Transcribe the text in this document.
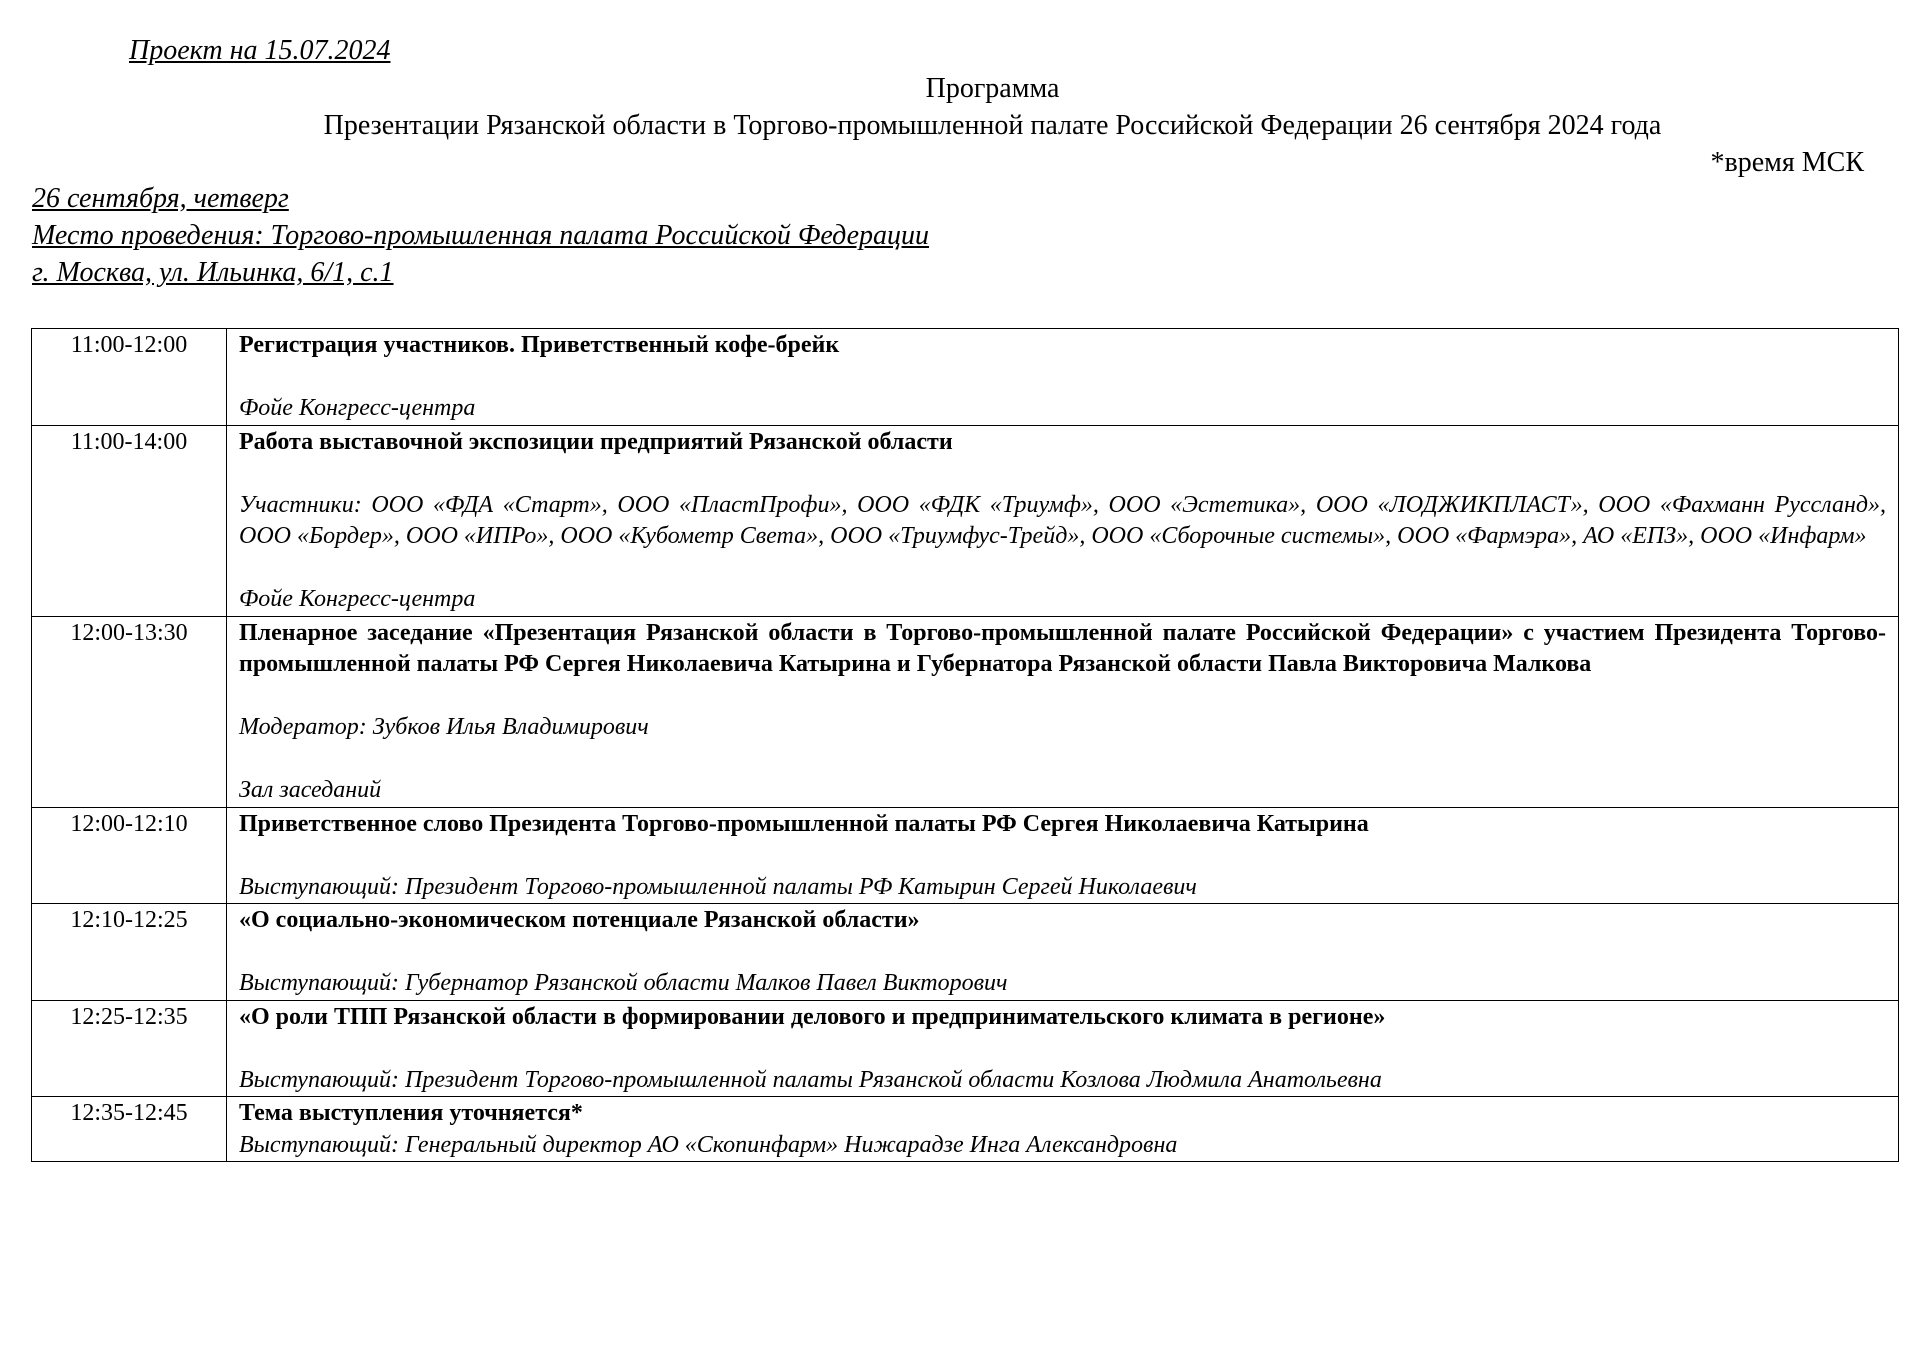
Проект на 15.07.2024

Программа

Презентации Рязанской области в Торгово-промышленной палате Российской Федерации 26 сентября 2024 года

*время МСК

26 сентября, четверг
Место проведения: Торгово-промышленная палата Российской Федерации
г. Москва, ул. Ильинка, 6/1, с.1
11:00-12:00	Регистрация участников. Приветственный кофе-брейк
Фойе Конгресс-центра

11:00-14:00	Работа выставочной экспозиции предприятий Рязанской области
Участники: ООО «ФДА «Старт», ООО «ПластПрофи», ООО «ФДК «Триумф», ООО «Эстетика», ООО «ЛОДЖИКПЛАСТ», ООО «Фахманн Русcланд», ООО «Бордер», ООО «ИПРо», ООО «Кубометр Света», ООО «Триумфус-Трейд», ООО «Сборочные системы», ООО «Фармэра», АО «ЕПЗ», ООО «Инфарм»
Фойе Конгресс-центра

12:00-13:30	Пленарное заседание «Презентация Рязанской области в Торгово-промышленной палате Российской Федерации» с участием Президента Торгово-промышленной палаты РФ Сергея Николаевича Катырина и Губернатора Рязанской области Павла Викторовича Малкова
Модератор: Зубков Илья Владимирович
Зал заседаний

12:00-12:10	Приветственное слово Президента Торгово-промышленной палаты РФ Сергея Николаевича Катырина
Выступающий: Президент Торгово-промышленной палаты РФ Катырин Сергей Николаевич

12:10-12:25	«О социально-экономическом потенциале Рязанской области»
Выступающий: Губернатор Рязанской области Малков Павел Викторович

12:25-12:35	«О роли ТПП Рязанской области в формировании делового и предпринимательского климата в регионе»
Выступающий: Президент Торгово-промышленной палаты Рязанской области Козлова Людмила Анатольевна

12:35-12:45	Тема выступления уточняется*
Выступающий: Генеральный директор АО «Скопинфарм» Нижарадзе Инга Александровна
